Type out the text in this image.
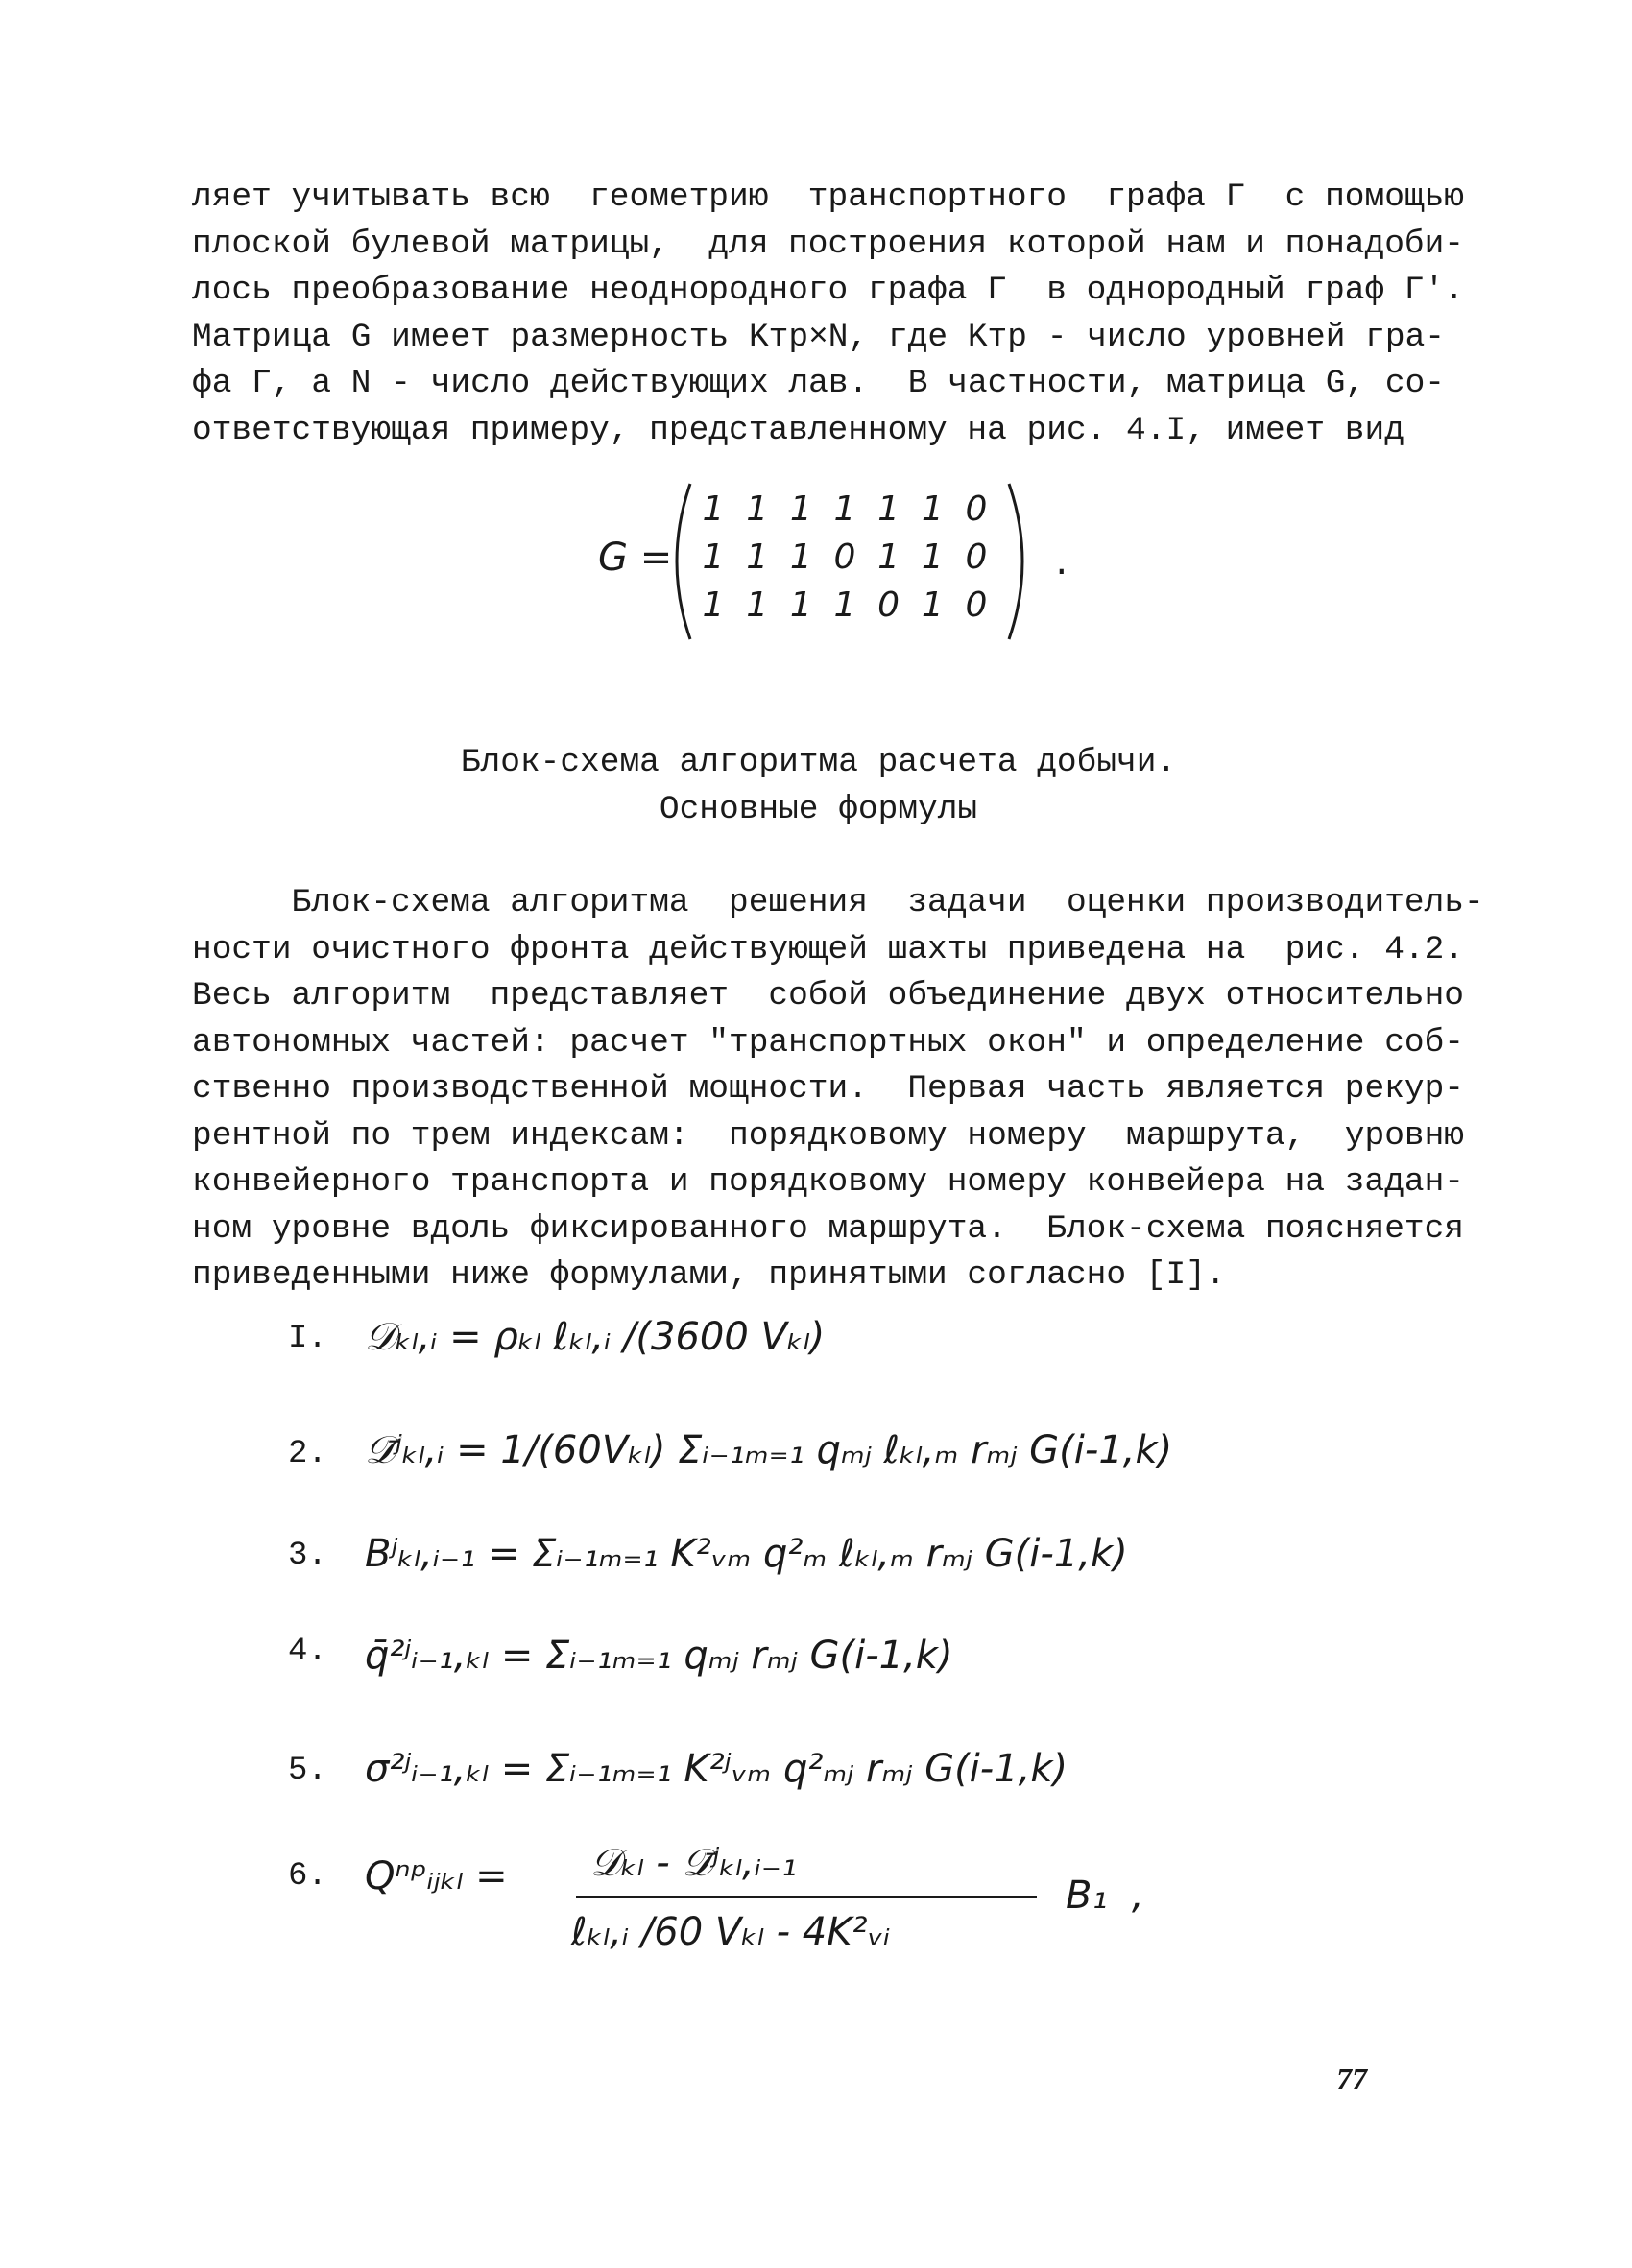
ляет учитывать всю  геометрию  транспортного  графа Г  с помощью
плоской булевой матрицы,  для построения которой нам и понадоби-
лось преобразование неоднородного графа Г  в однородный граф Г'.
Матрица G имеет размерность Kтр×N, где Kтр - число уровней гра-
фа Г, а N - число действующих лав.  В частности, матрица G, со-
ответствующая примеру, представленному на рис. 4.I, имеет вид
G =
1 1 1 1 1 1 0
1 1 1 0 1 1 0
1 1 1 1 0 1 0
.
Блок-схема алгоритма расчета добычи.
Основные формулы
Блок-схема алгоритма  решения  задачи  оценки производитель-
ности очистного фронта действующей шахты приведена на  рис. 4.2.
Весь алгоритм  представляет  собой объединение двух относительно
автономных частей: расчет "транспортных окон" и определение соб-
ственно производственной мощности.  Первая часть является рекур-
рентной по трем индексам:  порядковому номеру  маршрута,  уровню
конвейерного транспорта и порядковому номеру конвейера на задан-
ном уровне вдоль фиксированного маршрута.  Блок-схема поясняется
приведенными ниже формулами, принятыми согласно [I].
I. 𝒟ₖₗ,ᵢ = ρₖₗ ℓₖₗ,ᵢ /(3600 Vₖₗ)
2. 𝒟̄ʲₖₗ,ᵢ = 1/(60Vₖₗ) Σᵢ₋₁ₘ₌₁ qₘⱼ ℓₖₗ,ₘ rₘⱼ G(i-1,k)
3. Bʲₖₗ,ᵢ₋₁ = Σᵢ₋₁ₘ₌₁ K²ᵥₘ q²ₘ ℓₖₗ,ₘ rₘⱼ G(i-1,k)
4. q̄²ʲᵢ₋₁,ₖₗ = Σᵢ₋₁ₘ₌₁ qₘⱼ rₘⱼ G(i-1,k)
5. σ²ʲᵢ₋₁,ₖₗ = Σᵢ₋₁ₘ₌₁ K²ʲᵥₘ q²ₘⱼ rₘⱼ G(i-1,k)
6. Qⁿᵖᵢⱼₖₗ = 𝒟ₖₗ - 𝒟̄ʲₖₗ,ᵢ₋₁
ℓₖₗ,ᵢ /60 Vₖₗ - 4K²ᵥᵢ
B₁  ,
77
